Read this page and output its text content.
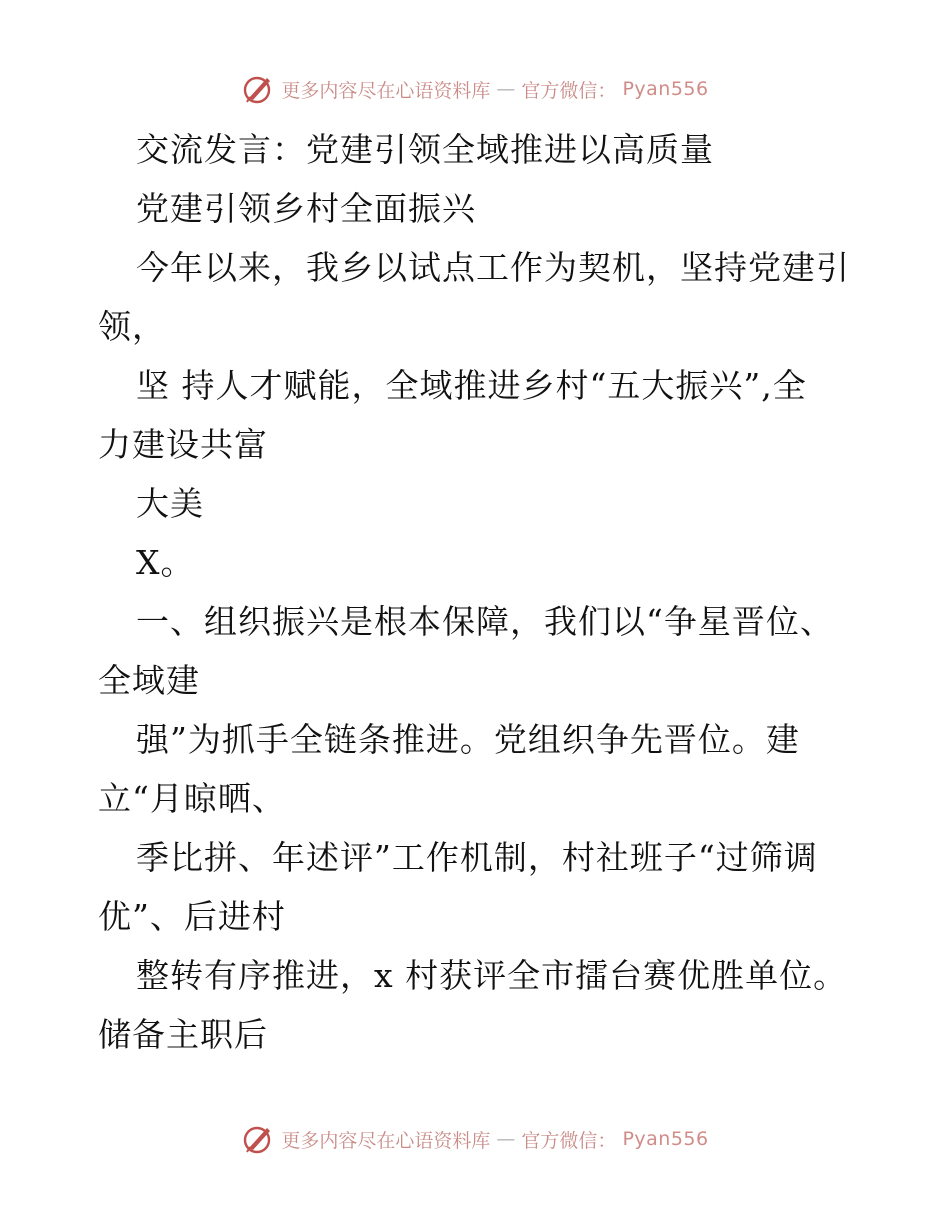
更多内容尽在心语资料库 — 官方微信： Pyan556
交流发言：党建引领全域推进以高质量
党建引领乡村全面振兴
今年以来，我乡以试点工作为契机，坚持党建引
领，
坚 持人才赋能，全域推进乡村“五大振兴”,全
力建设共富
大美
X。
一、组织振兴是根本保障，我们以“争星晋位、
全域建
强”为抓手全链条推进。党组织争先晋位。建
立“月晾晒、
季比拼、年述评”工作机制，村社班子“过筛调
优”、后进村
整转有序推进，x 村获评全市擂台赛优胜单位。
储备主职后
更多内容尽在心语资料库 — 官方微信： Pyan556
